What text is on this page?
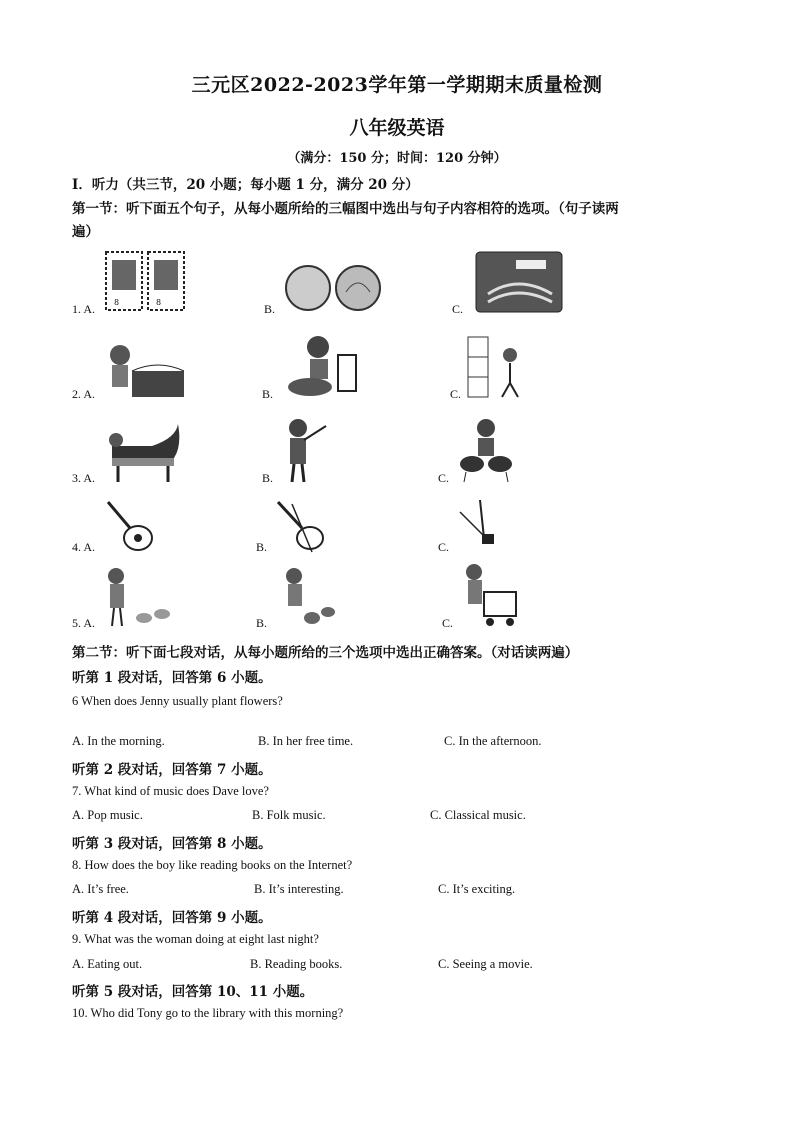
三元区2022-2023学年第一学期期末质量检测
八年级英语
（满分：150 分；时间：120 分钟）
Ⅰ．听力（共三节，20 小题；每小题 1 分，满分 20 分）
第一节：听下面五个句子，从每小题所给的三幅图中选出与句子内容相符的选项。（句子读两
遍）
1. A. 8	8	B.	C.
2. A.	B.	C.
3. A.	B.	C.
4. A.	B.	C.
5. A.	B.	C.
第二节：听下面七段对话，从每小题所给的三个选项中选出正确答案。（对话读两遍）
听第 1 段对话，回答第 6 小题。
6 When does Jenny usually plant flowers?
A. In the morning.	B. In her free time.	C. In the afternoon.
听第 2 段对话，回答第 7 小题。
7. What kind of music does Dave love?
A. Pop music.	B. Folk music.	C. Classical music.
听第 3 段对话，回答第 8 小题。
8. How does the boy like reading books on the Internet?
A. It’s free.	B. It’s interesting.	C. It’s exciting.
听第 4 段对话，回答第 9 小题。
9. What was the woman doing at eight last night?
A. Eating out.	B. Reading books.	C. Seeing a movie.
听第 5 段对话，回答第 10、11 小题。
10. Who did Tony go to the library with this morning?
